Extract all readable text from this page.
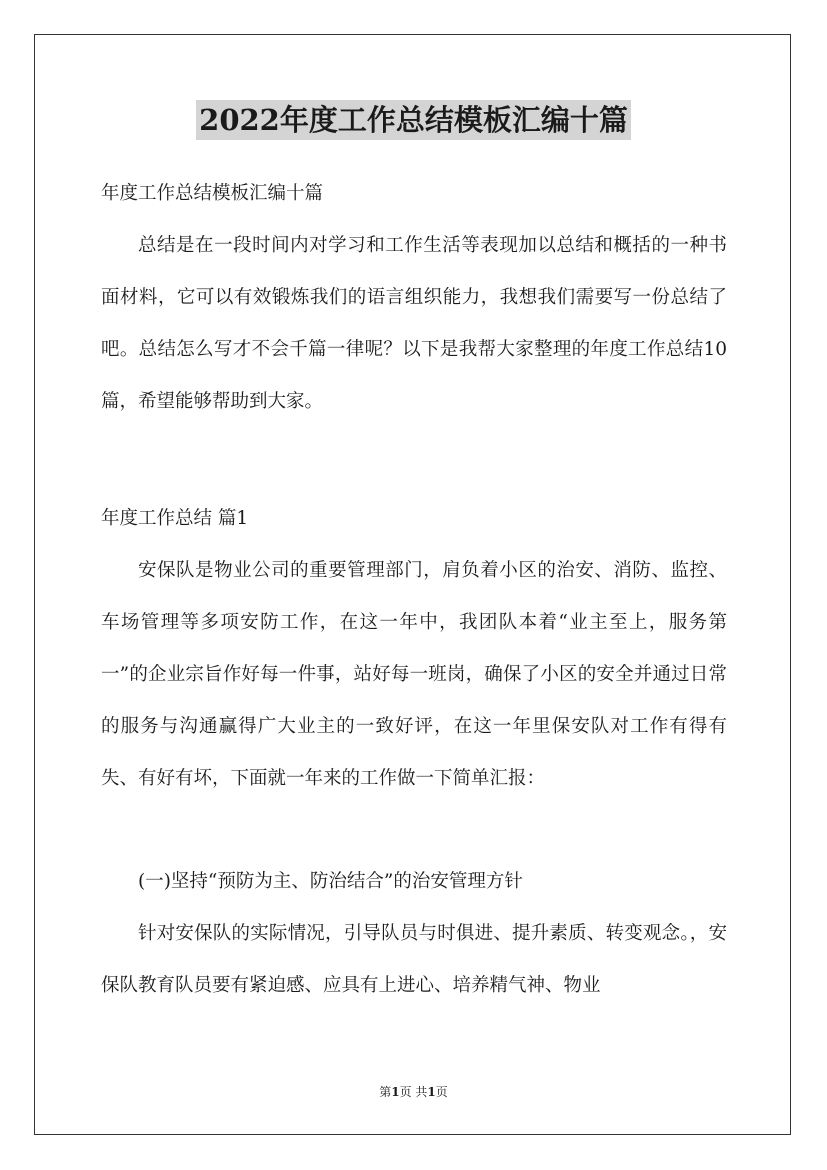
2022年度工作总结模板汇编十篇

年度工作总结模板汇编十篇

总结是在一段时间内对学习和工作生活等表现加以总结和概括的一种书面材料，它可以有效锻炼我们的语言组织能力，我想我们需要写一份总结了吧。总结怎么写才不会千篇一律呢？以下是我帮大家整理的年度工作总结10篇，希望能够帮助到大家。

年度工作总结 篇1

安保队是物业公司的重要管理部门，肩负着小区的治安、消防、监控、车场管理等多项安防工作，在这一年中，我团队本着“业主至上，服务第一”的企业宗旨作好每一件事，站好每一班岗，确保了小区的安全并通过日常的服务与沟通赢得广大业主的一致好评，在这一年里保安队对工作有得有失、有好有坏，下面就一年来的工作做一下简单汇报：

(一)坚持“预防为主、防治结合”的治安管理方针

针对安保队的实际情况，引导队员与时俱进、提升素质、转变观念。，安保队教育队员要有紧迫感、应具有上进心、培养精气神、物业

第1页 共1页
